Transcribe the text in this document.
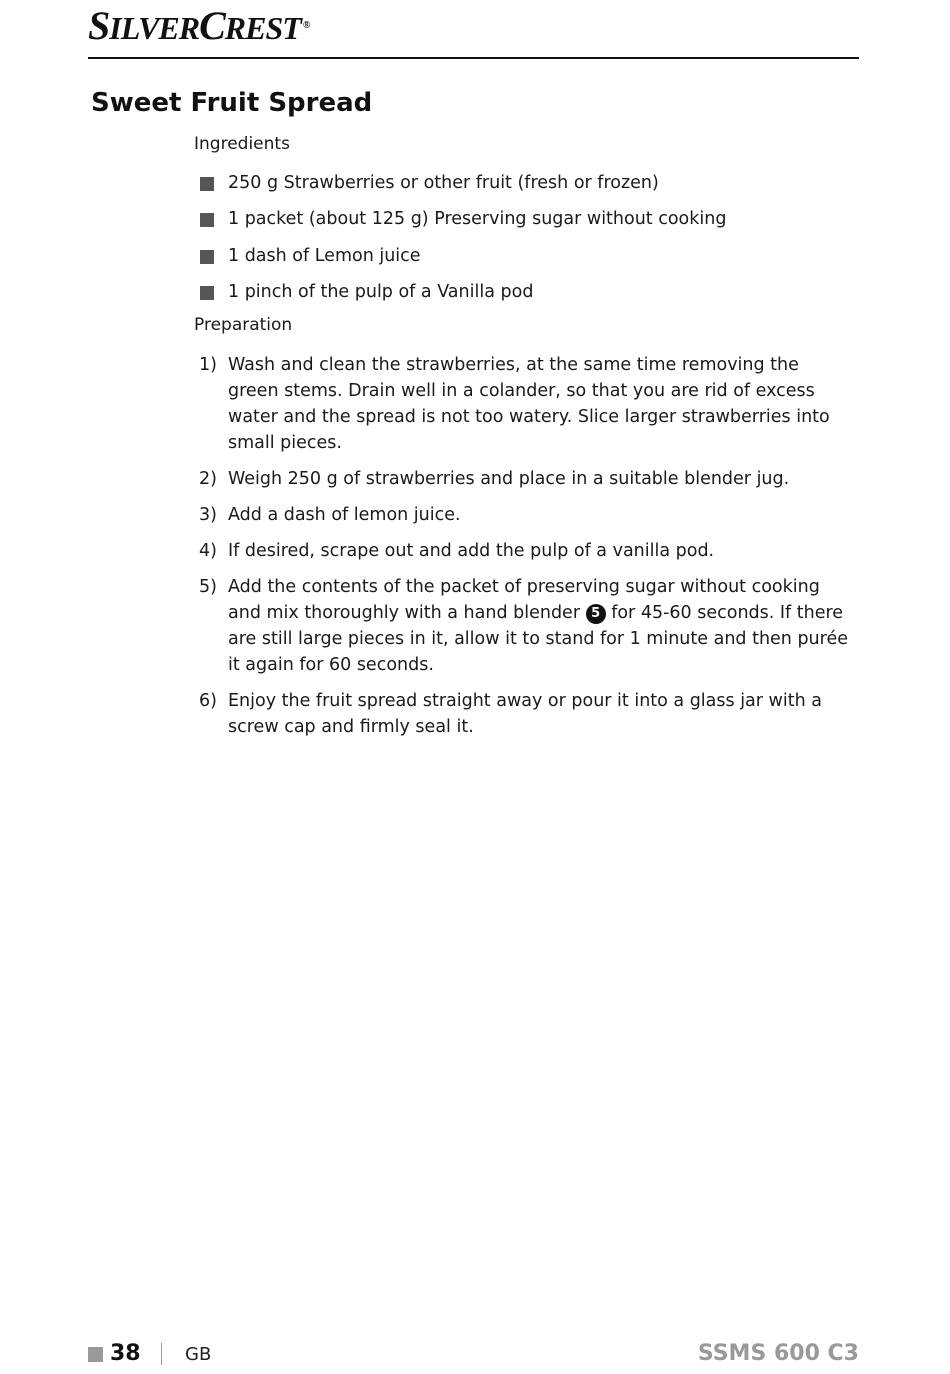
SILVERCREST ®
Sweet Fruit Spread
Ingredients
250 g Strawberries or other fruit (fresh or frozen)
1 packet (about 125 g) Preserving sugar without cooking
1 dash of Lemon juice
1 pinch of the pulp of a Vanilla pod
Preparation
1) Wash and clean the strawberries, at the same time removing the green stems. Drain well in a colander, so that you are rid of excess water and the spread is not too watery. Slice larger strawberries into small pieces.
2) Weigh 250 g of strawberries and place in a suitable blender jug.
3) Add a dash of lemon juice.
4) If desired, scrape out and add the pulp of a vanilla pod.
5) Add the contents of the packet of preserving sugar without cooking and mix thoroughly with a hand blender 5 for 45-60 seconds. If there are still large pieces in it, allow it to stand for 1 minute and then purée it again for 60 seconds.
6) Enjoy the fruit spread straight away or pour it into a glass jar with a screw cap and firmly seal it.
38 GB	SSMS 600 C3
